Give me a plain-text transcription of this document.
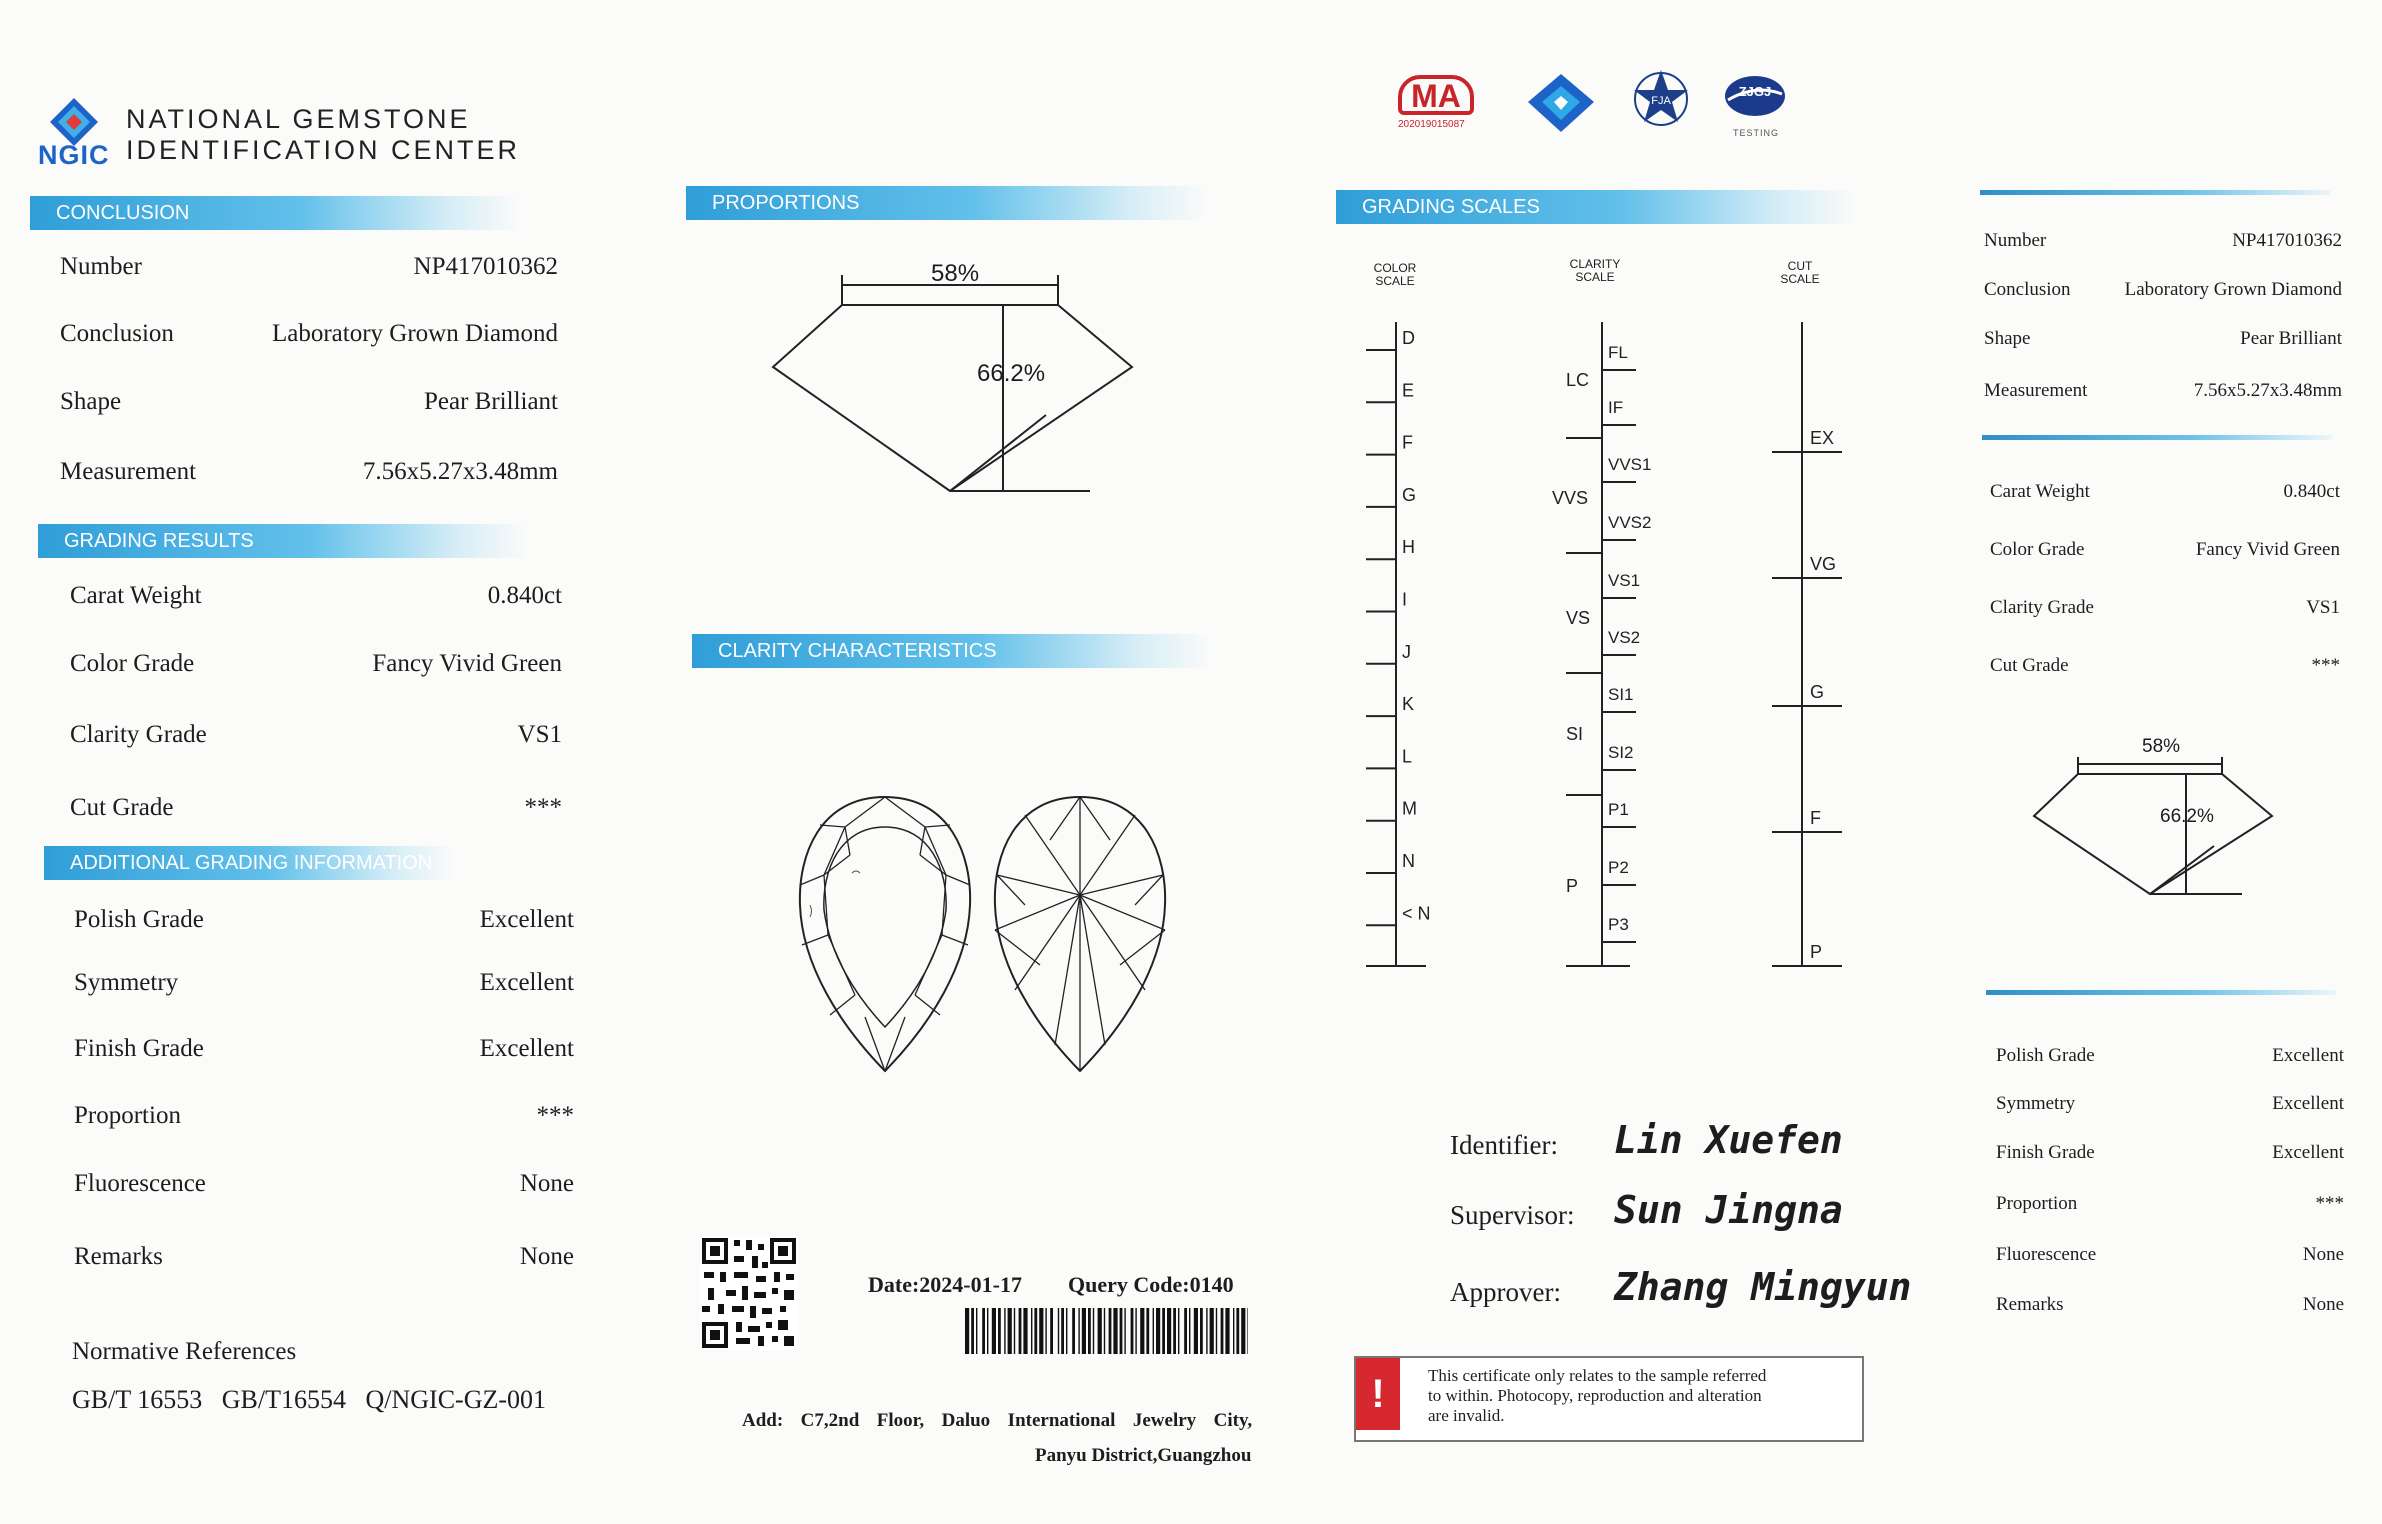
NGIC
NATIONAL GEMSTONE
IDENTIFICATION CENTER
CONCLUSION
Number	NP417010362
Conclusion	Laboratory Grown Diamond
Shape	Pear Brilliant
Measurement	7.56x5.27x3.48mm
GRADING RESULTS
Carat Weight	0.840ct
Color Grade	Fancy Vivid Green
Clarity Grade	VS1
Cut Grade	***
ADDITIONAL GRADING INFORMATION
Polish Grade	Excellent
Symmetry	Excellent
Finish Grade	Excellent
Proportion	***
Fluorescence	None
Remarks	None
Normative References
GB/T 16553   GB/T16554   Q/NGIC-GZ-001
PROPORTIONS
58%
66.2%
CLARITY CHARACTERISTICS
Date:2024-01-17 Query Code:0140
Add:  C7,2nd  Floor,  Daluo  International  Jewelry  City,
Panyu District,Guangzhou
MA
202019015087
FJA
ZJGJ
TESTING
GRADING SCALES
COLOR
SCALE
CLARITY
SCALE
CUT
SCALE
D
E
F
G
H
I
J
K
L
M
N
< N
FL
IF
VVS1
VVS2
VS1
VS2
SI1
SI2
P1
P2
P3
LC
VVS
VS
SI
P
EX
VG
G
F
P
Identifier: Lin Xuefen
Supervisor: Sun Jingna
Approver: Zhang Mingyun
!	This certificate only relates to the sample referred
to within. Photocopy, reproduction and alteration
are invalid.
Number	NP417010362
Conclusion	Laboratory Grown Diamond
Shape	Pear Brilliant
Measurement	7.56x5.27x3.48mm
Carat Weight	0.840ct
Color Grade	Fancy Vivid Green
Clarity Grade	VS1
Cut Grade	***
58%
66.2%
Polish Grade	Excellent
Symmetry	Excellent
Finish Grade	Excellent
Proportion	***
Fluorescence	None
Remarks	None
